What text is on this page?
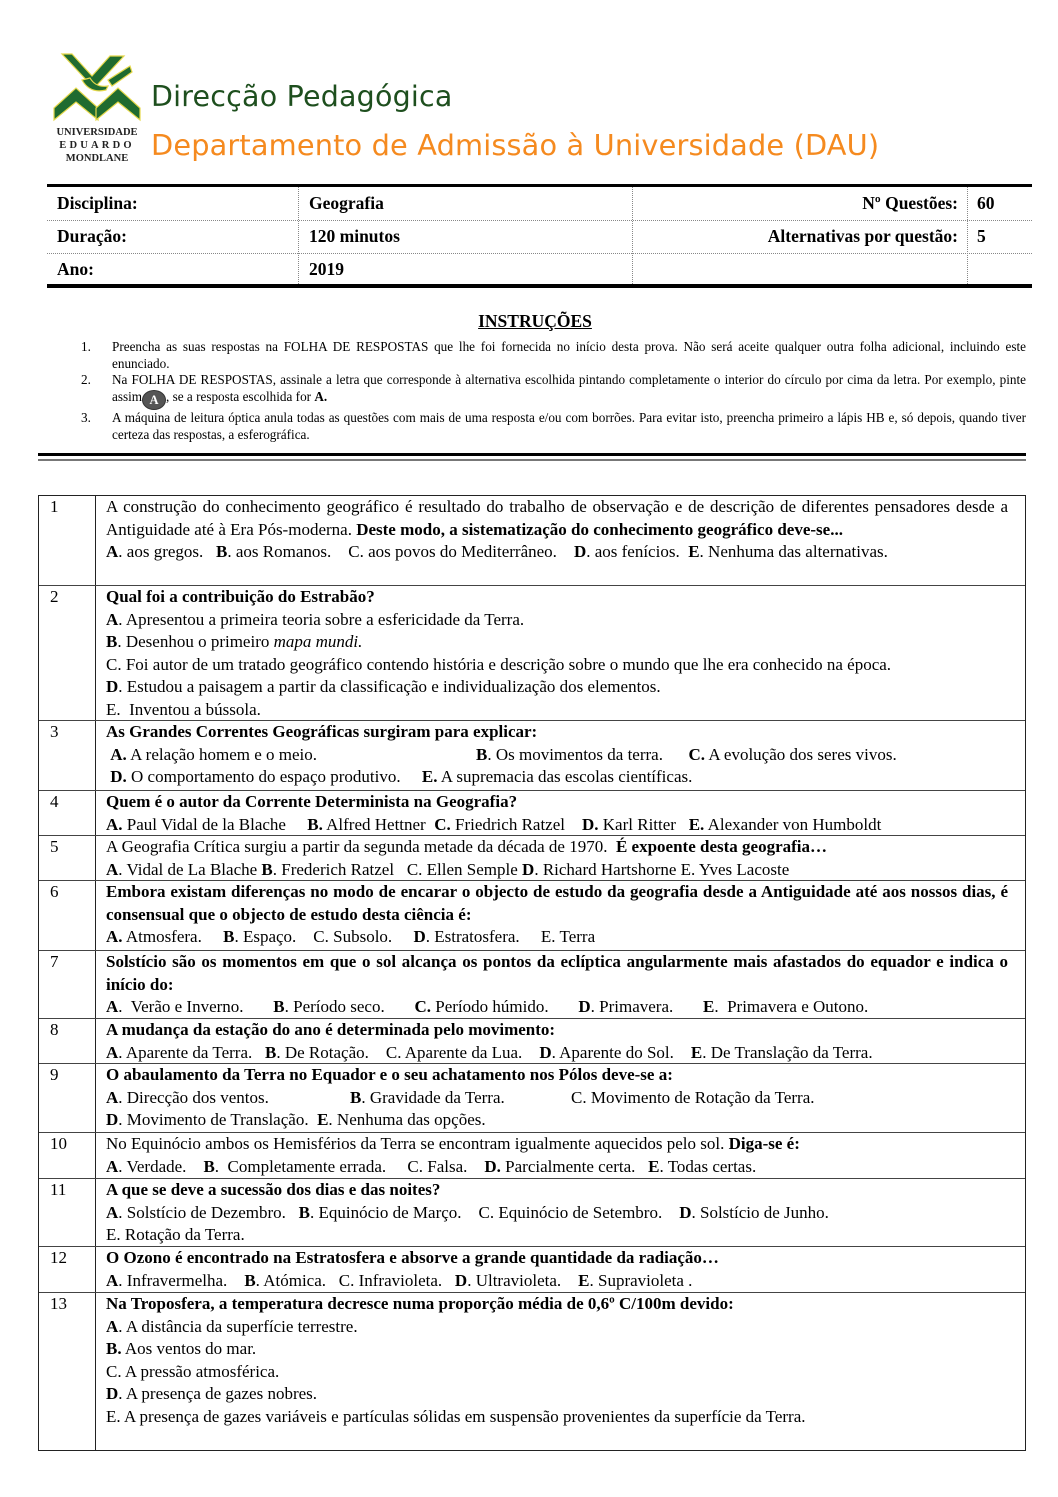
UNIVERSIDADE
EDUARDO
MONDLANE
Direcção Pedagógica
Departamento de Admissão à Universidade (DAU)
Disciplina:	Geografia	Nº Questões: 60
Duração:	120 minutos	Alternativas por questão: 5
Ano:	2019
INSTRUÇÕES
1. Preencha as suas respostas na FOLHA DE RESPOSTAS que lhe foi fornecida no início desta prova. Não será aceite qualquer outra folha adicional, incluindo este enunciado.
2. Na FOLHA DE RESPOSTAS, assinale a letra que corresponde à alternativa escolhida pintando completamente o interior do círculo por cima da letra. Por exemplo, pinte assim A , se a resposta escolhida for A.
3. A máquina de leitura óptica anula todas as questões com mais de uma resposta e/ou com borrões. Para evitar isto, preencha primeiro a lápis HB e, só depois, quando tiver certeza das respostas, a esferográfica.
1	A construção do conhecimento geográfico é resultado do trabalho de observação e de descrição de diferentes pensadores desde a Antiguidade até à Era Pós-moderna. Deste modo, a sistematização do conhecimento geográfico deve-se...
A. aos gregos. B. aos Romanos. C. aos povos do Mediterrâneo. D. aos fenícios. E. Nenhuma das alternativas.
2	Qual foi a contribuição do Estrabão?
A. Apresentou a primeira teoria sobre a esfericidade da Terra.
B. Desenhou o primeiro mapa mundi.
C. Foi autor de um tratado geográfico contendo história e descrição sobre o mundo que lhe era conhecido na época.
D. Estudou a paisagem a partir da classificação e individualização dos elementos.
E.  Inventou a bússola.
3	As Grandes Correntes Geográficas surgiram para explicar:
A. A relação homem e o meio.	B. Os movimentos da terra. C. A evolução dos seres vivos.
D. O comportamento do espaço produtivo. E. A supremacia das escolas científicas.
4	Quem é o autor da Corrente Determinista na Geografia?
A. Paul Vidal de la Blache B. Alfred Hettner C. Friedrich Ratzel D. Karl Ritter E. Alexander von Humboldt
5	A Geografia Crítica surgiu a partir da segunda metade da década de 1970. É expoente desta geografia…
A. Vidal de La Blache B. Frederich Ratzel C. Ellen Semple D. Richard Hartshorne E. Yves Lacoste
6	Embora existam diferenças no modo de encarar o objecto de estudo da geografia desde a Antiguidade até aos nossos dias, é consensual que o objecto de estudo desta ciência é:
A. Atmosfera. B. Espaço. C. Subsolo. D. Estratosfera. E. Terra
7	Solstício são os momentos em que o sol alcança os pontos da eclíptica angularmente mais afastados do equador e indica o início do:
A.  Verão e Inverno. B. Período seco. C. Período húmido. D. Primavera. E.  Primavera e Outono.
8	A mudança da estação do ano é determinada pelo movimento:
A. Aparente da Terra. B. De Rotação. C. Aparente da Lua. D. Aparente do Sol. E. De Translação da Terra.
9	O abaulamento da Terra no Equador e o seu achatamento nos Pólos deve-se a:
A. Direcção dos ventos.	B. Gravidade da Terra.	C. Movimento de Rotação da Terra.
D. Movimento de Translação. E. Nenhuma das opções.
10 No Equinócio ambos os Hemisférios da Terra se encontram igualmente aquecidos pelo sol. Diga-se é:
A. Verdade. B.  Completamente errada. C. Falsa. D. Parcialmente certa. E. Todas certas.
11 A que se deve a sucessão dos dias e das noites?
A. Solstício de Dezembro. B. Equinócio de Março. C. Equinócio de Setembro. D. Solstício de Junho.
E. Rotação da Terra.
12 O Ozono é encontrado na Estratosfera e absorve a grande quantidade da radiação…
A. Infravermelha. B. Atómica. C. Infravioleta. D. Ultravioleta. E. Supravioleta .
13 Na Troposfera, a temperatura decresce numa proporção média de 0,6º C/100m devido:
A. A distância da superfície terrestre.
B. Aos ventos do mar.
C. A pressão atmosférica.
D. A presença de gazes nobres.
E. A presença de gazes variáveis e partículas sólidas em suspensão provenientes da superfície da Terra.
